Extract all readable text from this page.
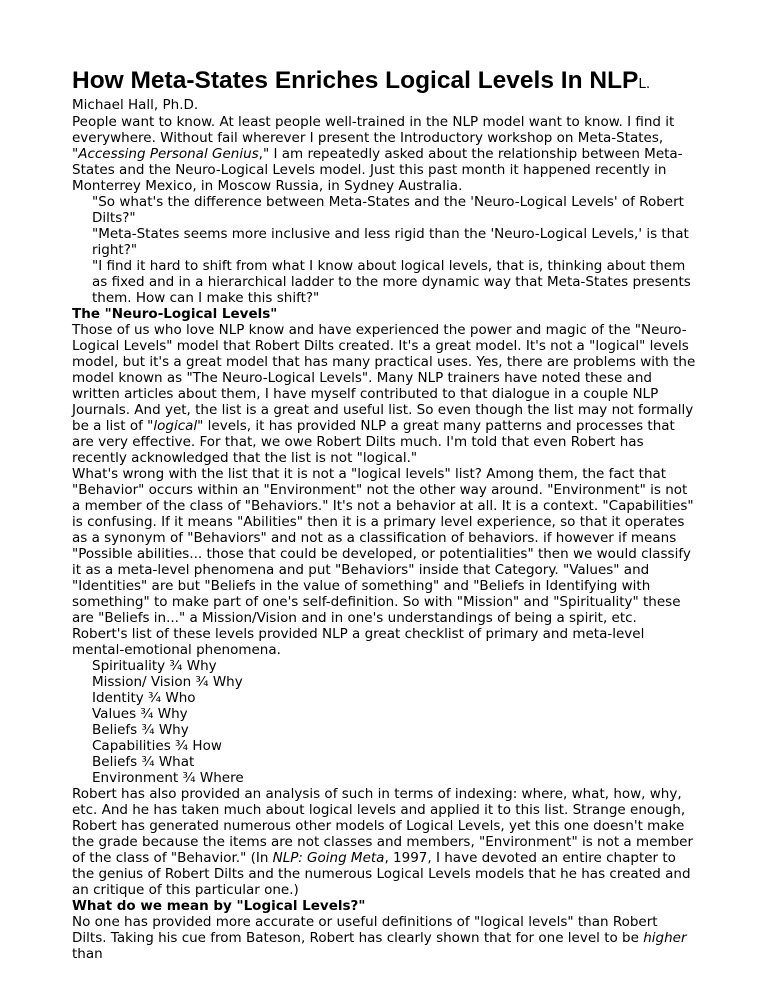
How Meta-States Enriches Logical Levels In NLPL. Michael Hall, Ph.D.

People want to know. At least people well-trained in the NLP model want to know. I find it everywhere. Without fail wherever I present the Introductory workshop on Meta-States, "Accessing Personal Genius," I am repeatedly asked about the relationship between Meta-States and the Neuro-Logical Levels model. Just this past month it happened recently in Monterrey Mexico, in Moscow Russia, in Sydney Australia.

"So what's the difference between Meta-States and the 'Neuro-Logical Levels' of Robert Dilts?"

"Meta-States seems more inclusive and less rigid than the 'Neuro-Logical Levels,' is that right?"

"I find it hard to shift from what I know about logical levels, that is, thinking about them as fixed and in a hierarchical ladder to the more dynamic way that Meta-States presents them. How can I make this shift?"

The "Neuro-Logical Levels"

Those of us who love NLP know and have experienced the power and magic of the "Neuro-Logical Levels" model that Robert Dilts created. It's a great model. It's not a "logical" levels model, but it's a great model that has many practical uses. Yes, there are problems with the model known as "The Neuro-Logical Levels". Many NLP trainers have noted these and written articles about them, I have myself contributed to that dialogue in a couple NLP Journals. And yet, the list is a great and useful list. So even though the list may not formally be a list of "logical" levels, it has provided NLP a great many patterns and processes that are very effective. For that, we owe Robert Dilts much. I'm told that even Robert has recently acknowledged that the list is not "logical."

What's wrong with the list that it is not a "logical levels" list? Among them, the fact that "Behavior" occurs within an "Environment" not the other way around. "Environment" is not a member of the class of "Behaviors." It's not a behavior at all. It is a context. "Capabilities" is confusing. If it means "Abilities" then it is a primary level experience, so that it operates as a synonym of "Behaviors" and not as a classification of behaviors. if however if means "Possible abilities... those that could be developed, or potentialities" then we would classify it as a meta-level phenomena and put "Behaviors" inside that Category. "Values" and "Identities" are but "Beliefs in the value of something" and "Beliefs in Identifying with something" to make part of one's self-definition. So with "Mission" and "Spirituality" these are "Beliefs in..." a Mission/Vision and in one's understandings of being a spirit, etc.

Robert's list of these levels provided NLP a great checklist of primary and meta-level mental-emotional phenomena.

Spirituality ¾ Why
Mission/ Vision ¾ Why
Identity ¾ Who
Values ¾ Why
Beliefs ¾ Why
Capabilities ¾ How
Beliefs ¾ What
Environment ¾ Where

Robert has also provided an analysis of such in terms of indexing: where, what, how, why, etc. And he has taken much about logical levels and applied it to this list. Strange enough, Robert has generated numerous other models of Logical Levels, yet this one doesn't make the grade because the items are not classes and members, "Environment" is not a member of the class of "Behavior." (In NLP: Going Meta, 1997, I have devoted an entire chapter to the genius of Robert Dilts and the numerous Logical Levels models that he has created and an critique of this particular one.)

What do we mean by "Logical Levels?"

No one has provided more accurate or useful definitions of "logical levels" than Robert Dilts. Taking his cue from Bateson, Robert has clearly shown that for one level to be higher than
